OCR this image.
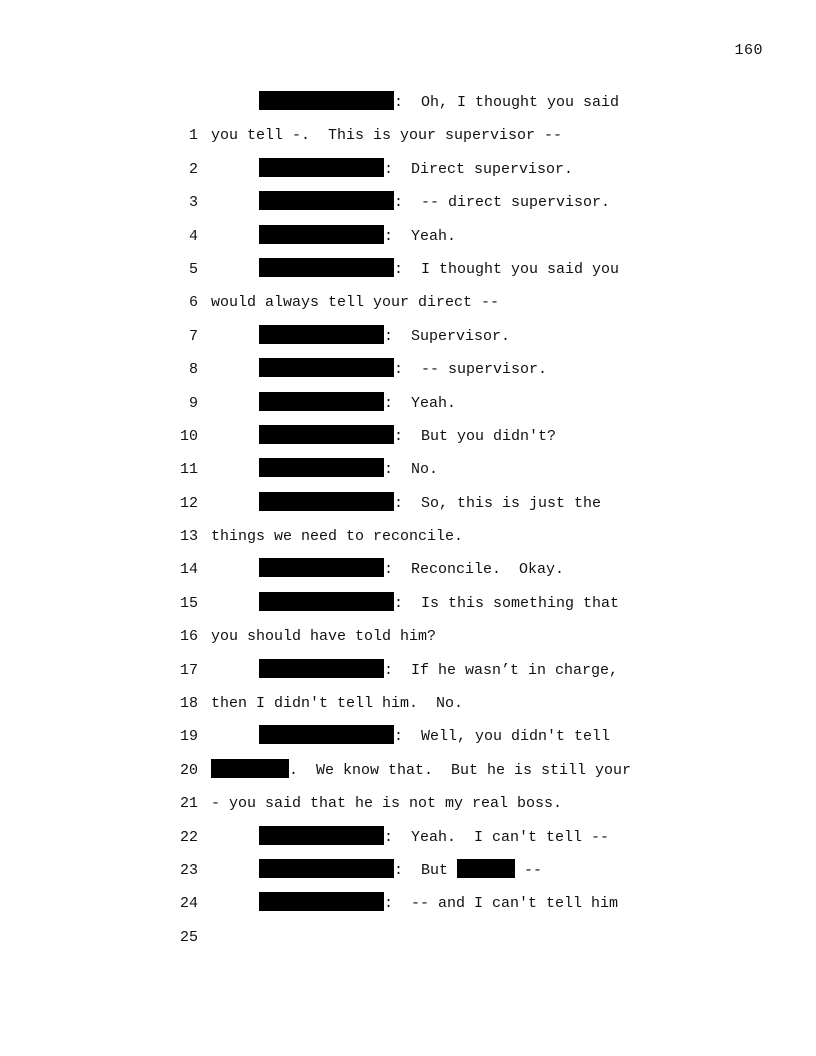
160

1

:  Oh, I thought you said

2

you tell -.  This is your supervisor --

3

:  Direct supervisor.

4

:  -- direct supervisor.

5

:  Yeah.

6

:  I thought you said you

7

would always tell your direct --

8

:  Supervisor.

9

:  -- supervisor.

10

:  Yeah.

11

:  But you didn't?

12

:  No.

13

:  So, this is just the

14

things we need to reconcile.

15

:  Reconcile.  Okay.

16

:  Is this something that

17

you should have told him?

18

:  If he wasn’t in charge,

19

then I didn't tell him.  No.

20

:  Well, you didn't tell

21

.  We know that.  But he is still your

22

- you said that he is not my real boss.

23

:  Yeah.  I can't tell --

24

:  But	--

25

:  -- and I can't tell him
